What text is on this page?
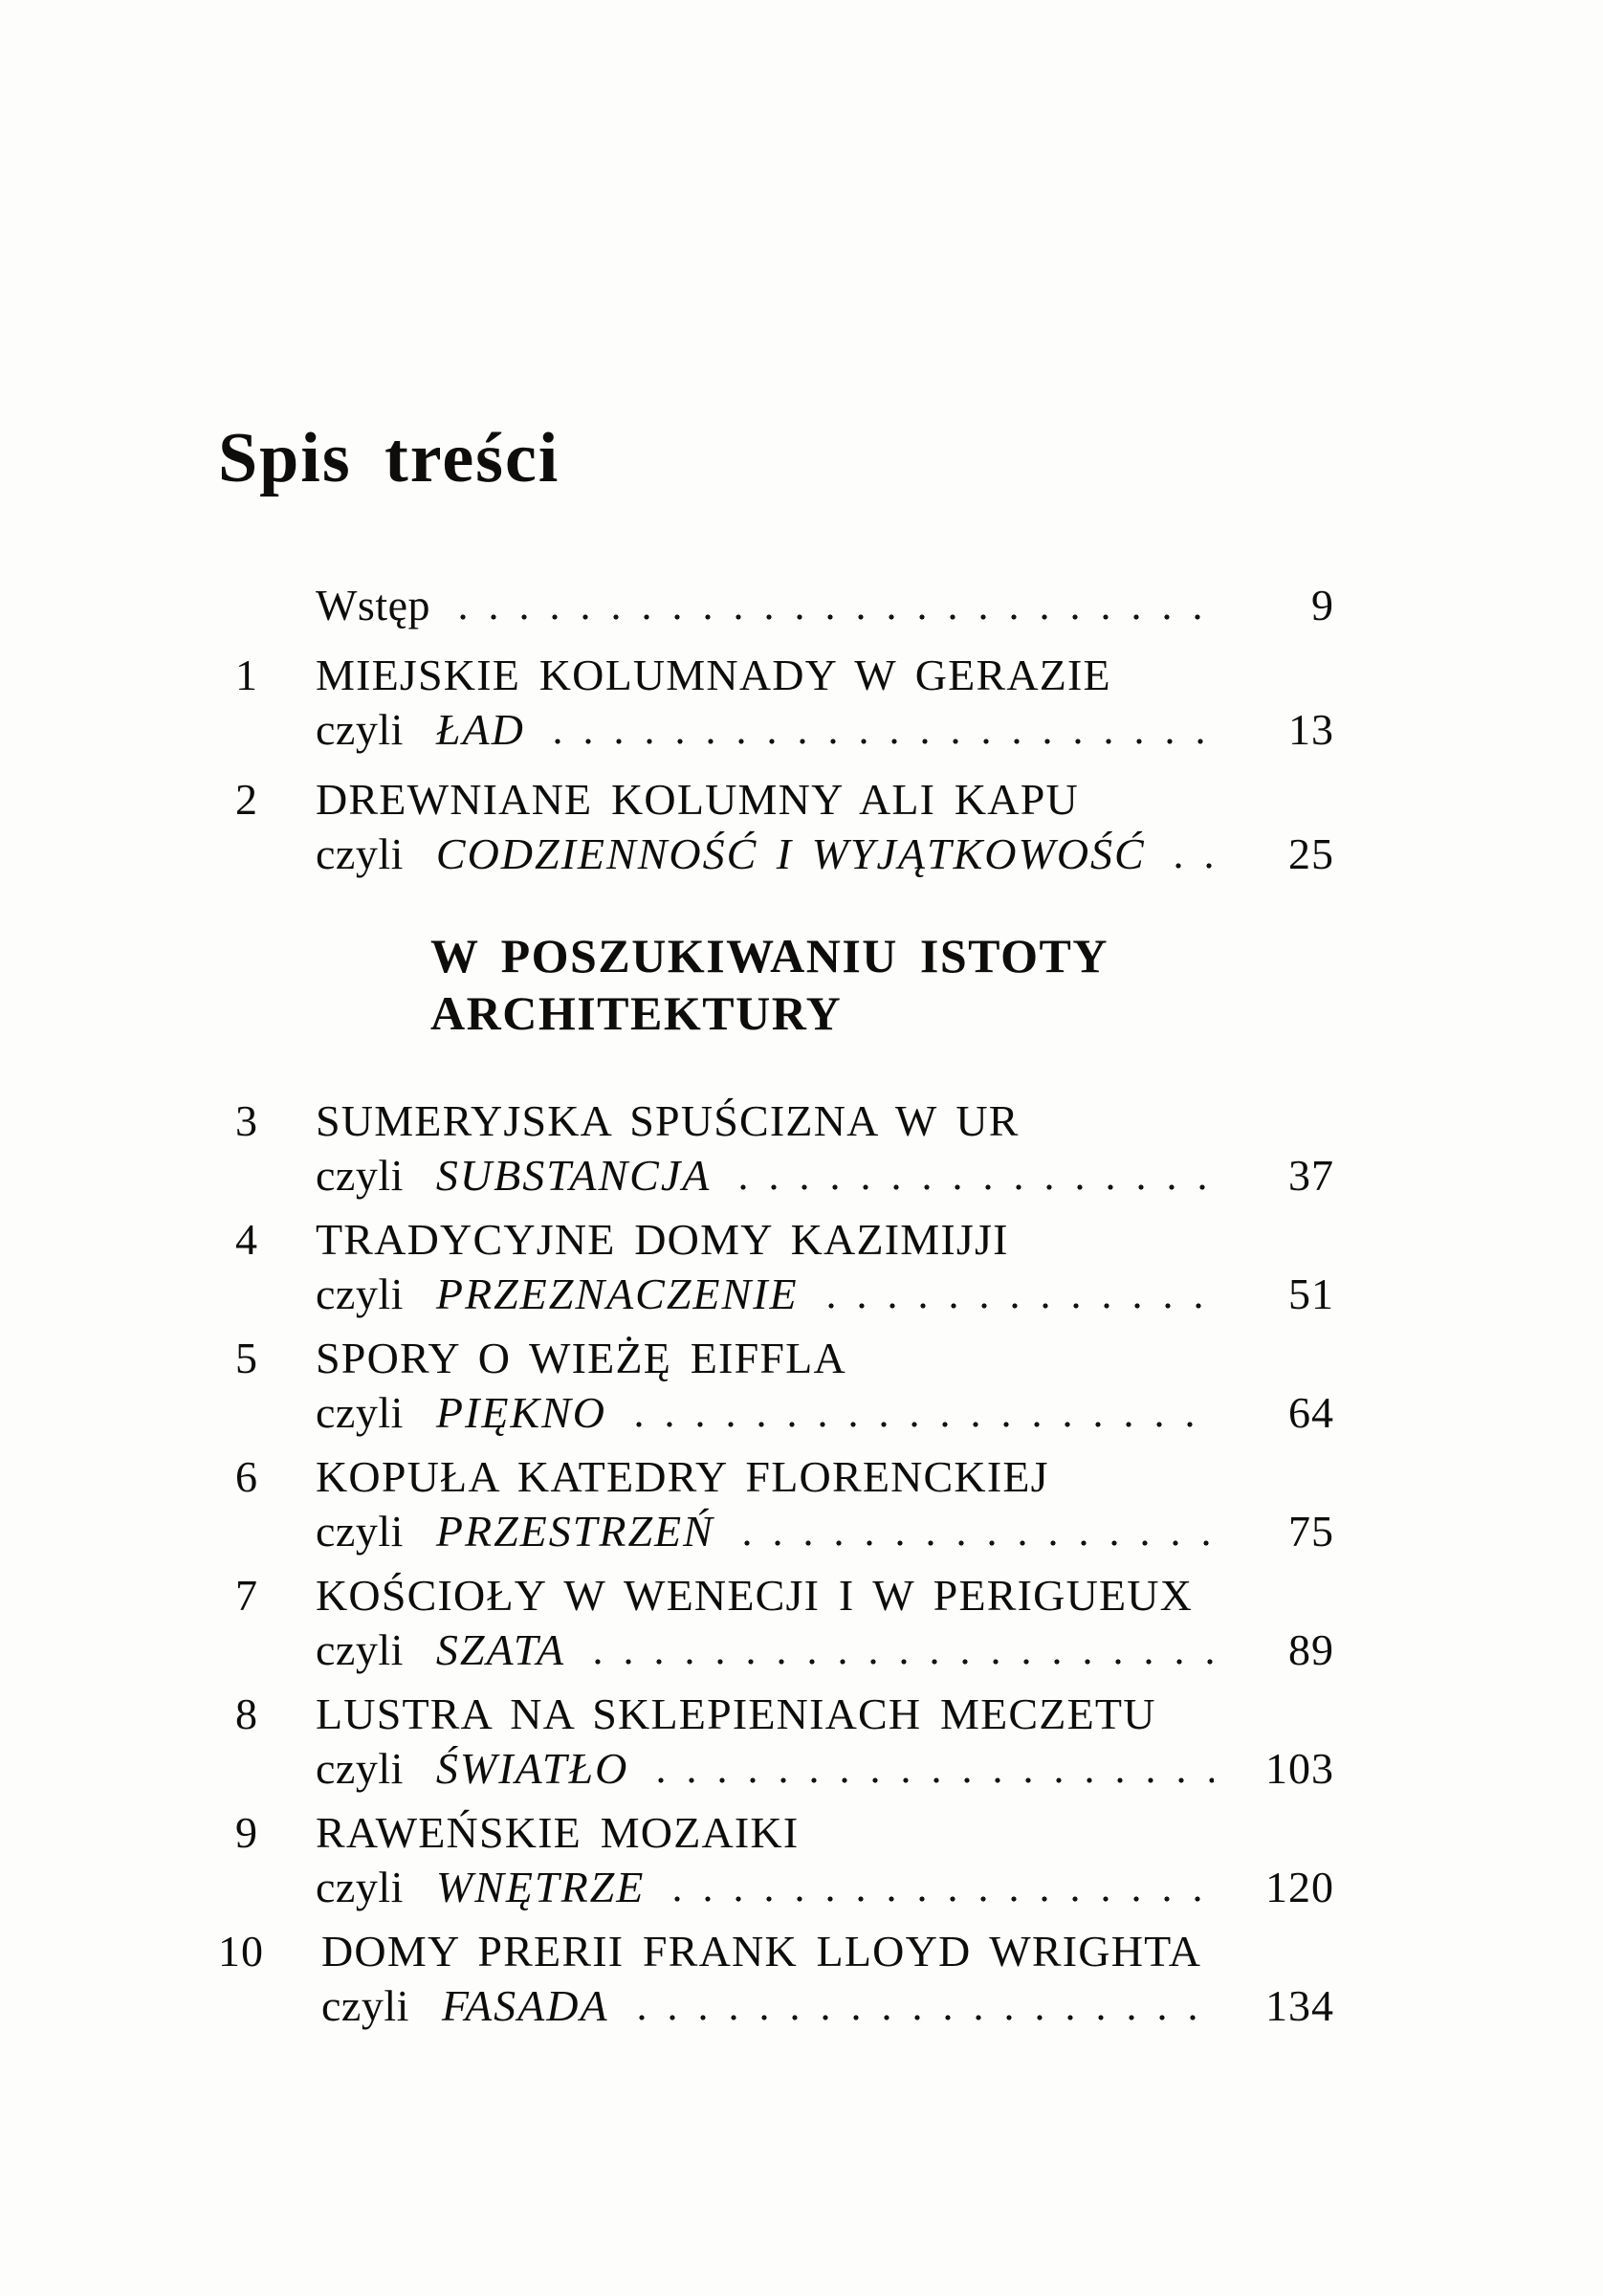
Spis treści
Wstęp	9
1 MIEJSKIE KOLUMNADY W GERAZIE
czyli ŁAD	13
2 DREWNIANE KOLUMNY ALI KAPU
czyli CODZIENNOŚĆ I WYJĄTKOWOŚĆ	25
W POSZUKIWANIU ISTOTY
ARCHITEKTURY
3 SUMERYJSKA SPUŚCIZNA W UR
czyli SUBSTANCJA	37
4 TRADYCYJNE DOMY KAZIMIJJI
czyli PRZEZNACZENIE	51
5 SPORY O WIEŻĘ EIFFLA
czyli PIĘKNO	64
6 KOPUŁA KATEDRY FLORENCKIEJ
czyli PRZESTRZEŃ	75
7 KOŚCIOŁY W WENECJI I W PERIGUEUX
czyli SZATA	89
8 LUSTRA NA SKLEPIENIACH MECZETU
czyli ŚWIATŁO	103
9 RAWEŃSKIE MOZAIKI
czyli WNĘTRZE	120
10 DOMY PRERII FRANK LLOYD WRIGHTA
czyli FASADA	134
